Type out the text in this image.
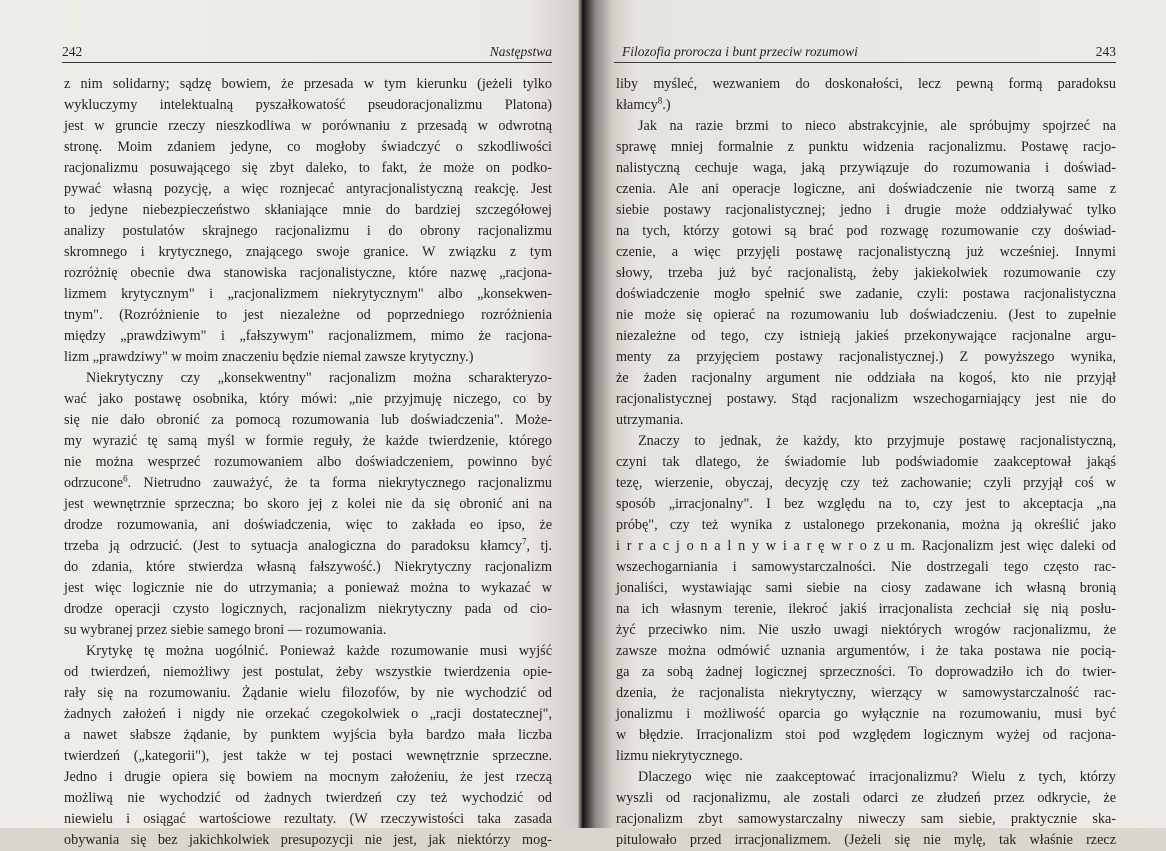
242	Następstwa
z nim solidarny; sądzę bowiem, że przesada w tym kierunku (jeżeli tylko
wykluczymy intelektualną pyszałkowatość pseudoracjonalizmu Platona)
jest w gruncie rzeczy nieszkodliwa w porównaniu z przesadą w odwrotną
stronę. Moim zdaniem jedyne, co mogłoby świadczyć o szkodliwości
racjonalizmu posuwającego się zbyt daleko, to fakt, że może on podko-
pywać własną pozycję, a więc roznjecać antyracjonalistyczną reakcję. Jest
to jedyne niebezpieczeństwo skłaniające mnie do bardziej szczegółowej
analizy postulatów skrajnego racjonalizmu i do obrony racjonalizmu
skromnego i krytycznego, znającego swoje granice. W związku z tym
rozróżnię obecnie dwa stanowiska racjonalistyczne, które nazwę „racjona-
lizmem krytycznym" i „racjonalizmem niekrytycznym" albo „konsekwen-
tnym". (Rozróżnienie to jest niezależne od poprzedniego rozróżnienia
między „prawdziwym" i „fałszywym" racjonalizmem, mimo że racjona-
lizm „prawdziwy" w moim znaczeniu będzie niemal zawsze krytyczny.)
Niekrytyczny czy „konsekwentny" racjonalizm można scharakteryzo-
wać jako postawę osobnika, który mówi: „nie przyjmuję niczego, co by
się nie dało obronić za pomocą rozumowania lub doświadczenia". Może-
my wyrazić tę samą myśl w formie reguły, że każde twierdzenie, którego
nie można wesprzeć rozumowaniem albo doświadczeniem, powinno być
odrzucone$^6$. Nietrudno zauważyć, że ta forma niekrytycznego racjonalizmu
jest wewnętrznie sprzeczna; bo skoro jej z kolei nie da się obronić ani na
drodze rozumowania, ani doświadczenia, więc to zakłada eo ipso, że
trzeba ją odrzucić. (Jest to sytuacja analogiczna do paradoksu kłamcy$^7$, tj.
do zdania, które stwierdza własną fałszywość.) Niekrytyczny racjonalizm
jest więc logicznie nie do utrzymania; a ponieważ można to wykazać w
drodze operacji czysto logicznych, racjonalizm niekrytyczny pada od cio-
su wybranej przez siebie samego broni — rozumowania.
Krytykę tę można uogólnić. Ponieważ każde rozumowanie musi wyjść
od twierdzeń, niemożliwy jest postulat, żeby wszystkie twierdzenia opie-
rały się na rozumowaniu. Żądanie wielu filozofów, by nie wychodzić od
żadnych założeń i nigdy nie orzekać czegokolwiek o „racji dostatecznej",
a nawet słabsze żądanie, by punktem wyjścia była bardzo mała liczba
twierdzeń („kategorii"), jest także w tej postaci wewnętrznie sprzeczne.
Jedno i drugie opiera się bowiem na mocnym założeniu, że jest rzeczą
możliwą nie wychodzić od żadnych twierdzeń czy też wychodzić od
niewielu i osiągać wartościowe rezultaty. (W rzeczywistości taka zasada
obywania się bez jakichkolwiek presupozycji nie jest, jak niektórzy mog-
Filozofia proroczа i bunt przeciw rozumowi	243
liby myśleć, wezwaniem do doskonałości, lecz pewną formą paradoksu
kłamcy$^8$.)
Jak na razie brzmi to nieco abstrakcyjnie, ale spróbujmy spojrzeć na
sprawę mniej formalnie z punktu widzenia racjonalizmu. Postawę racjo-
nalistyczną cechuje waga, jaką przywiązuje do rozumowania i doświad-
czenia. Ale ani operacje logiczne, ani doświadczenie nie tworzą same z
siebie postawy racjonalistycznej; jedno i drugie może oddziaływać tylko
na tych, którzy gotowi są brać pod rozwagę rozumowanie czy doświad-
czenie, a więc przyjęli postawę racjonalistyczną już wcześniej. Innymi
słowy, trzeba już być racjonalistą, żeby jakiekolwiek rozumowanie czy
doświadczenie mogło spełnić swe zadanie, czyli: postawa racjonalistyczna
nie może się opierać na rozumowaniu lub doświadczeniu. (Jest to zupełnie
niezależne od tego, czy istnieją jakieś przekonywające racjonalne argu-
menty za przyjęciem postawy racjonalistycznej.) Z powyższego wynika,
że żaden racjonalny argument nie oddziała na kogoś, kto nie przyjął
racjonalistycznej postawy. Stąd racjonalizm wszechogarniający jest nie do
utrzymania.
Znaczy to jednak, że każdy, kto przyjmuje postawę racjonalistyczną,
czyni tak dlatego, że świadomie lub podświadomie zaakceptował jakąś
tezę, wierzenie, obyczaj, decyzję czy też zachowanie; czyli przyjął coś w
sposób „irracjonalny". I bez względu na to, czy jest to akceptacja „na
próbę", czy też wynika z ustalonego przekonania, można ją określić jako
i r r a c j o n a l n y w i a r ę w r o z u m. Racjonalizm jest więc daleki od
wszechogarniania i samowystarczalności. Nie dostrzegali tego często rac-
jonaliści, wystawiając sami siebie na ciosy zadawane ich własną bronią
na ich własnym terenie, ilekroć jakiś irracjonalista zechciał się nią posłu-
żyć przeciwko nim. Nie uszło uwagi niektórych wrogów racjonalizmu, że
zawsze można odmówić uznania argumentów, i że taka postawa nie pocią-
ga za sobą żadnej logicznej sprzeczności. To doprowadziło ich do twier-
dzenia, że racjonalista niekrytyczny, wierzący w samowystarczalność rac-
jonalizmu i możliwość oparcia go wyłącznie na rozumowaniu, musi być
w błędzie. Irracjonalizm stoi pod względem logicznym wyżej od racjona-
lizmu niekrytycznego.
Dlaczego więc nie zaakceptować irracjonalizmu? Wielu z tych, którzy
wyszli od racjonalizmu, ale zostali odarci ze złudzeń przez odkrycie, że
racjonalizm zbyt samowystarczalny niweczy sam siebie, praktycznie ska-
pitulowało przed irracjonalizmem. (Jeżeli się nie mylę, tak właśnie rzecz
